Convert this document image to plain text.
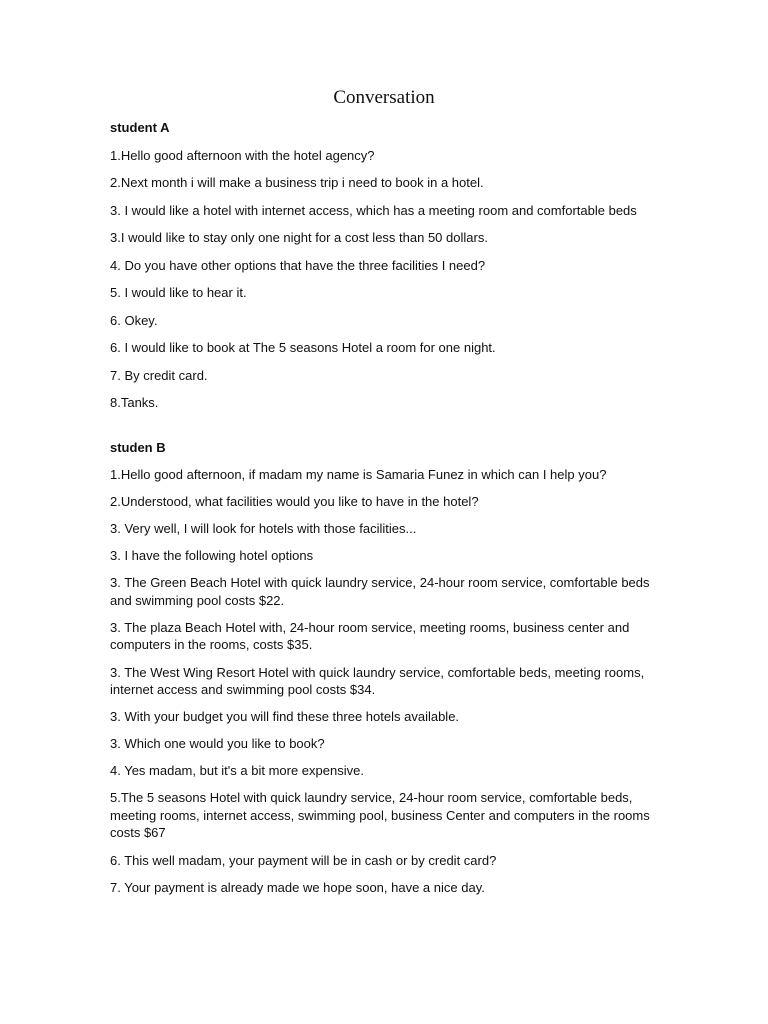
Conversation
student A
1.Hello good afternoon with the hotel agency?
2.Next month i will make a business trip i need to book in a hotel.
3. I would like a hotel with internet access, which has a meeting room and comfortable beds
3.I would like to stay only one night for a cost less than 50 dollars.
4. Do you have other options that have the three facilities I need?
5. I would like to hear it.
6. Okey.
6. I would like to book at The 5 seasons Hotel a room for one night.
7. By credit card.
8.Tanks.
studen B
1.Hello good afternoon, if madam my name is Samaria Funez in which can I help you?
2.Understood, what facilities would you like to have in the hotel?
3. Very well, I will look for hotels with those facilities...
3. I have the following hotel options
3. The Green Beach Hotel with quick laundry service, 24-hour room service, comfortable beds and swimming pool costs $22.
3. The plaza Beach Hotel with, 24-hour room service, meeting rooms, business center and computers in the rooms, costs $35.
3. The West Wing Resort Hotel with quick laundry service, comfortable beds, meeting rooms, internet access and swimming pool costs $34.
3. With your budget you will find these three hotels available.
3. Which one would you like to book?
4. Yes madam, but it's a bit more expensive.
5.The 5 seasons Hotel with quick laundry service, 24-hour room service, comfortable beds, meeting rooms, internet access, swimming pool, business Center and computers in the rooms costs $67
6. This well madam, your payment will be in cash or by credit card?
7. Your payment is already made we hope soon, have a nice day.
